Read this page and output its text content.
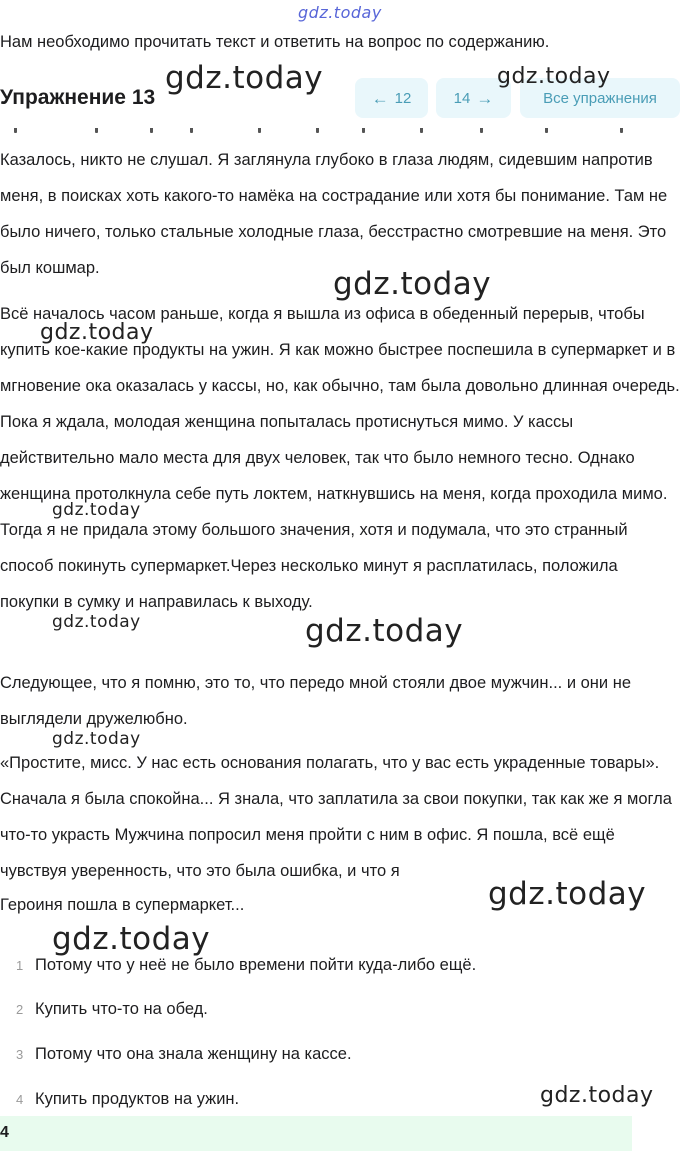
gdz.today
Нам необходимо прочитать текст и ответить на вопрос по содержанию.
Упражнение 13	← 12	14 →	Все упражнения

Казалось, никто не слушал. Я заглянула глубоко в глаза людям, сидевшим напротив меня, в поисках хоть какого-то намёка на сострадание или хотя бы понимание. Там не было ничего, только стальные холодные глаза, бесстрастно смотревшие на меня. Это был кошмар.

Всё началось часом раньше, когда я вышла из офиса в обеденный перерыв, чтобы купить кое-какие продукты на ужин. Я как можно быстрее поспешила в супермаркет и в мгновение ока оказалась у кассы, но, как обычно, там была довольно длинная очередь. Пока я ждала, молодая женщина попыталась протиснуться мимо. У кассы действительно мало места для двух человек, так что было немного тесно. Однако женщина протолкнула себе путь локтем, наткнувшись на меня, когда проходила мимо. Тогда я не придала этому большого значения, хотя и подумала, что это странный способ покинуть супермаркет.Через несколько минут я расплатилась, положила покупки в сумку и направилась к выходу.

Следующее, что я помню, это то, что передо мной стояли двое мужчин... и они не выглядели дружелюбно.

«Простите, мисс. У нас есть основания полагать, что у вас есть украденные товары». Сначала я была спокойна... Я знала, что заплатила за свои покупки, так как же я могла что-то украсть Мужчина попросил меня пройти с ним в офис. Я пошла, всё ещё чувствуя уверенность, что это была ошибка, и что я

Героиня пошла в супермаркет...

1 Потому что у неё не было времени пойти куда-либо ещё.
2 Купить что-то на обед.
3 Потому что она знала женщину на кассе.
4 Купить продуктов на ужин.
4
gdz.today	gdz.today
gdz.today
gdz.today
gdz.today
gdz.today	gdz.today
gdz.today
gdz.today
gdz.today
gdz.today
